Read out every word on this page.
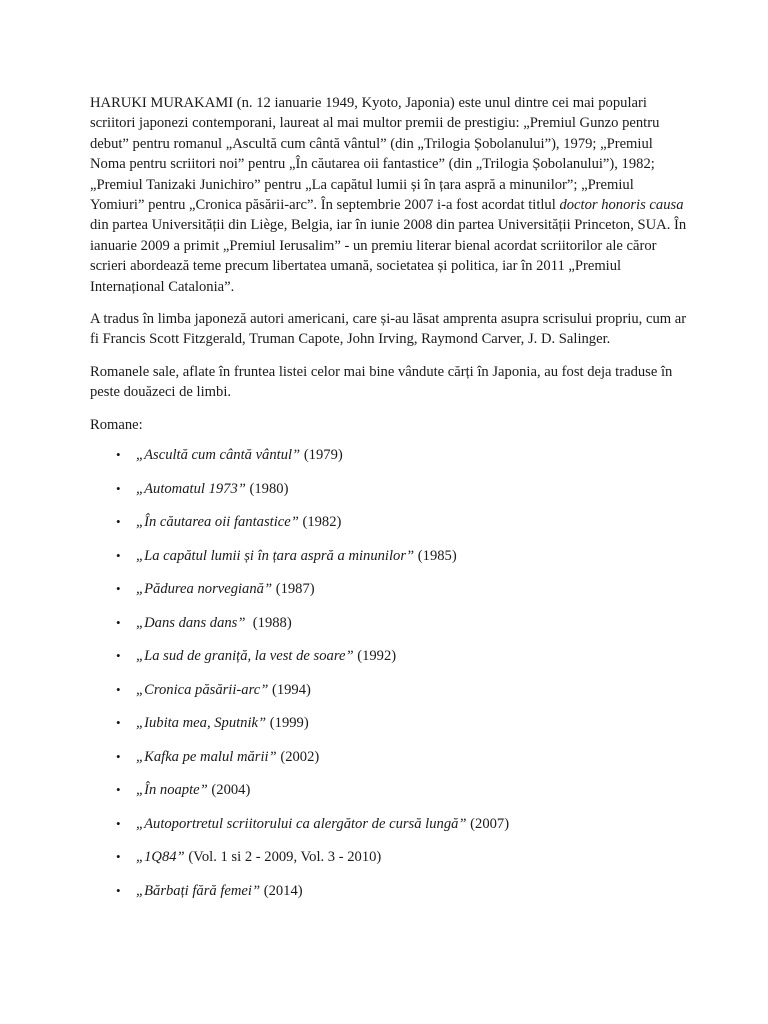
HARUKI MURAKAMI (n. 12 ianuarie 1949, Kyoto, Japonia) este unul dintre cei mai populari scriitori japonezi contemporani, laureat al mai multor premii de prestigiu: „Premiul Gunzo pentru debut” pentru romanul „Ascultă cum cântă vântul” (din „Trilogia Șobolanului”), 1979; „Premiul Noma pentru scriitori noi” pentru „În căutarea oii fantastice” (din „Trilogia Șobolanului”), 1982; „Premiul Tanizaki Junichiro” pentru „La capătul lumii și în țara aspră a minunilor”; „Premiul Yomiuri” pentru „Cronica păsării-arc”. În septembrie 2007 i-a fost acordat titlul doctor honoris causa din partea Universității din Liège, Belgia, iar în iunie 2008 din partea Universității Princeton, SUA. În ianuarie 2009 a primit „Premiul Ierusalim” - un premiu literar bienal acordat scriitorilor ale căror scrieri abordează teme precum libertatea umană, societatea și politica, iar în 2011 „Premiul Internațional Catalonia”.

A tradus în limba japoneză autori americani, care și-au lăsat amprenta asupra scrisului propriu, cum ar fi Francis Scott Fitzgerald, Truman Capote, John Irving, Raymond Carver, J. D. Salinger.

Romanele sale, aflate în fruntea listei celor mai bine vândute cărți în Japonia, au fost deja traduse în peste douăzeci de limbi.

Romane:

• „Ascultă cum cântă vântul” (1979)
• „Automatul 1973” (1980)
• „În căutarea oii fantastice” (1982)
• „La capătul lumii și în țara aspră a minunilor” (1985)
• „Pădurea norvegiană” (1987)
• „Dans dans dans”  (1988)
• „La sud de graniță, la vest de soare” (1992)
• „Cronica păsării-arc” (1994)
• „Iubita mea, Sputnik” (1999)
• „Kafka pe malul mării” (2002)
• „În noapte” (2004)
• „Autoportretul scriitorului ca alergător de cursă lungă” (2007)
• „1Q84” (Vol. 1 si 2 - 2009, Vol. 3 - 2010)
• „Bărbați fără femei” (2014)
